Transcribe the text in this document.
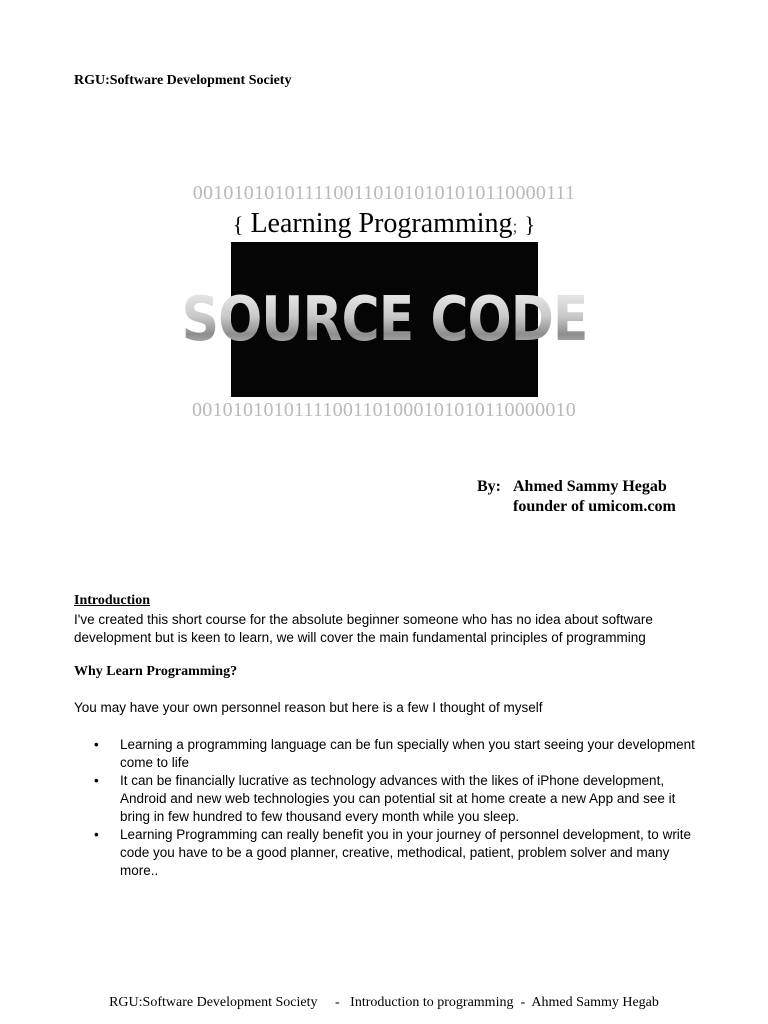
RGU:Software Development Society
00101010101111001101010101010110000111
{ Learning Programming; }
SOURCE CODE
00101010101111001101000101010110000010
By: Ahmed Sammy Hegab
founder of umicom.com
Introduction
I've created this short course for the absolute beginner someone who has no idea about software development but is keen to learn, we will cover the main fundamental principles of programming
Why Learn Programming?
You may have your own personnel reason but here is a few I thought of myself
• Learning a programming language can be fun specially when you start seeing your development come to life
• It can be financially lucrative as technology advances with the likes of iPhone development, Android and new web technologies you can potential sit at home create a new App and see it bring in few hundred to few thousand every month while you sleep.
• Learning Programming can really benefit you in your journey of personnel development, to write code you have to be a good planner, creative, methodical, patient, problem solver and many more..
RGU:Software Development Society     -   Introduction to programming  -  Ahmed Sammy Hegab
